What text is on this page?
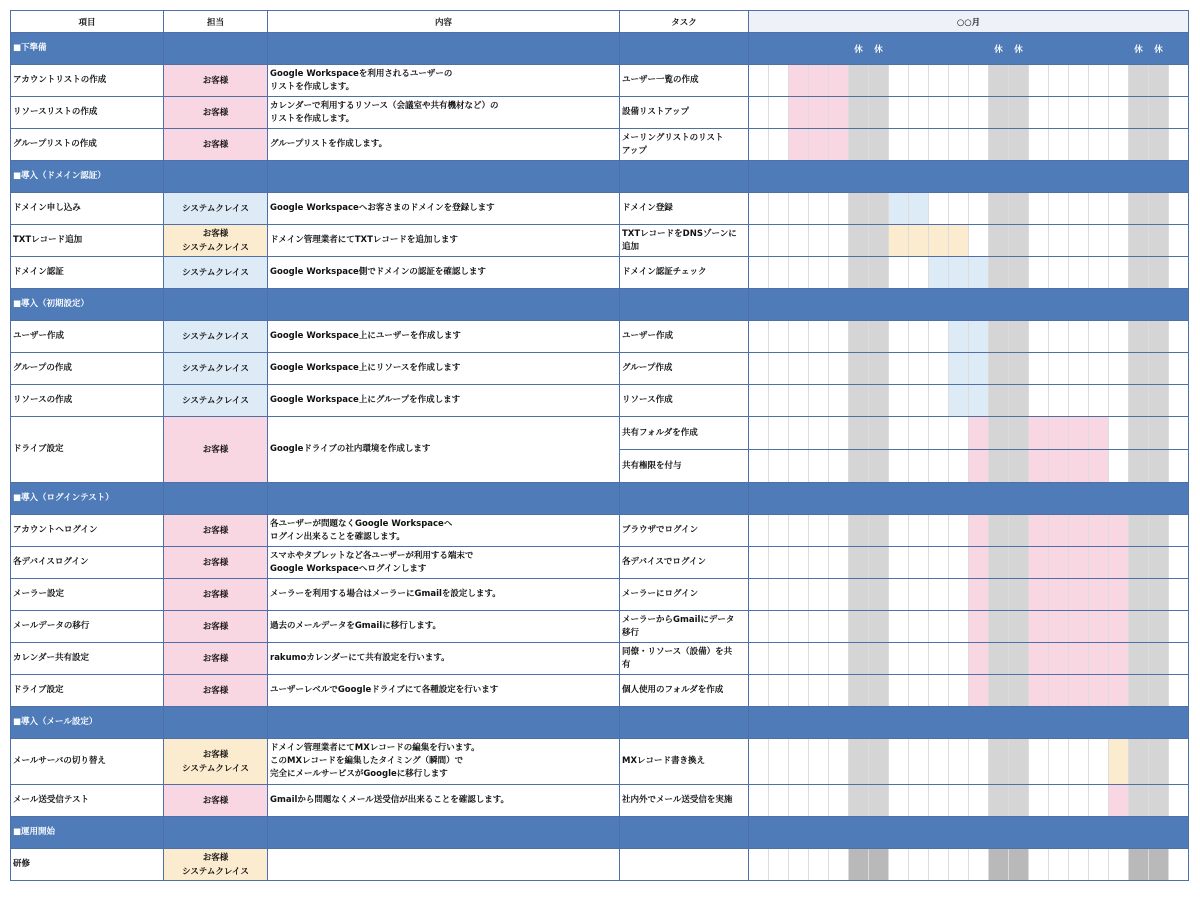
項目	担当	内容	タスク	○○月																					
■下準備									休	休						休	休						休	休	
アカウントリストの作成	お客様	Google Workspaceを利用されるユーザーの
リストを作成します。	ユーザー一覧の作成																						
リソースリストの作成	お客様	カレンダーで利用するリソース（会議室や共有機材など）の
リストを作成します。	設備リストアップ																						
グループリストの作成	お客様	グループリストを作成します。	メーリングリストのリスト
アップ																						
■導入（ドメイン認証）																									
ドメイン申し込み	システムクレイス	Google Workspaceへお客さまのドメインを登録します	ドメイン登録																						
TXTレコード追加	お客様
システムクレイス	ドメイン管理業者にてTXTレコードを追加します	TXTレコードをDNSゾーンに
追加																						
ドメイン認証	システムクレイス	Google Workspace側でドメインの認証を確認します	ドメイン認証チェック																						
■導入（初期設定）																									
ユーザー作成	システムクレイス	Google Workspace上にユーザーを作成します	ユーザー作成																						
グループの作成	システムクレイス	Google Workspace上にリソースを作成します	グループ作成																						
リソースの作成	システムクレイス	Google Workspace上にグループを作成します	リソース作成																						
ドライブ設定	お客様	Googleドライブの社内環境を作成します	共有フォルダを作成																						
			共有権限を付与																						
■導入（ログインテスト）																									
アカウントへログイン	お客様	各ユーザーが問題なくGoogle Workspaceへ
ログイン出来ることを確認します。	ブラウザでログイン																						
各デバイスログイン	お客様	スマホやタブレットなど各ユーザーが利用する端末で
Google Workspaceへログインします	各デバイスでログイン																						
メーラー設定	お客様	メーラーを利用する場合はメーラーにGmailを設定します。	メーラーにログイン																						
メールデータの移行	お客様	過去のメールデータをGmailに移行します。	メーラーからGmailにデータ
移行																						
カレンダー共有設定	お客様	rakumoカレンダーにて共有設定を行います。	同僚・リソース（設備）を共
有																						
ドライブ設定	お客様	ユーザーレベルでGoogleドライブにて各種設定を行います	個人使用のフォルダを作成																						
■導入（メール設定）																									
メールサーバの切り替え	お客様
システムクレイス	ドメイン管理業者にてMXレコードの編集を行います。
このMXレコードを編集したタイミング（瞬間）で
完全にメールサービスがGoogleに移行します	MXレコード書き換え																						
メール送受信テスト	お客様	Gmailから問題なくメール送受信が出来ることを確認します。	社内外でメール送受信を実施																						
■運用開始																									
研修	お客様
システムクレイス																								
